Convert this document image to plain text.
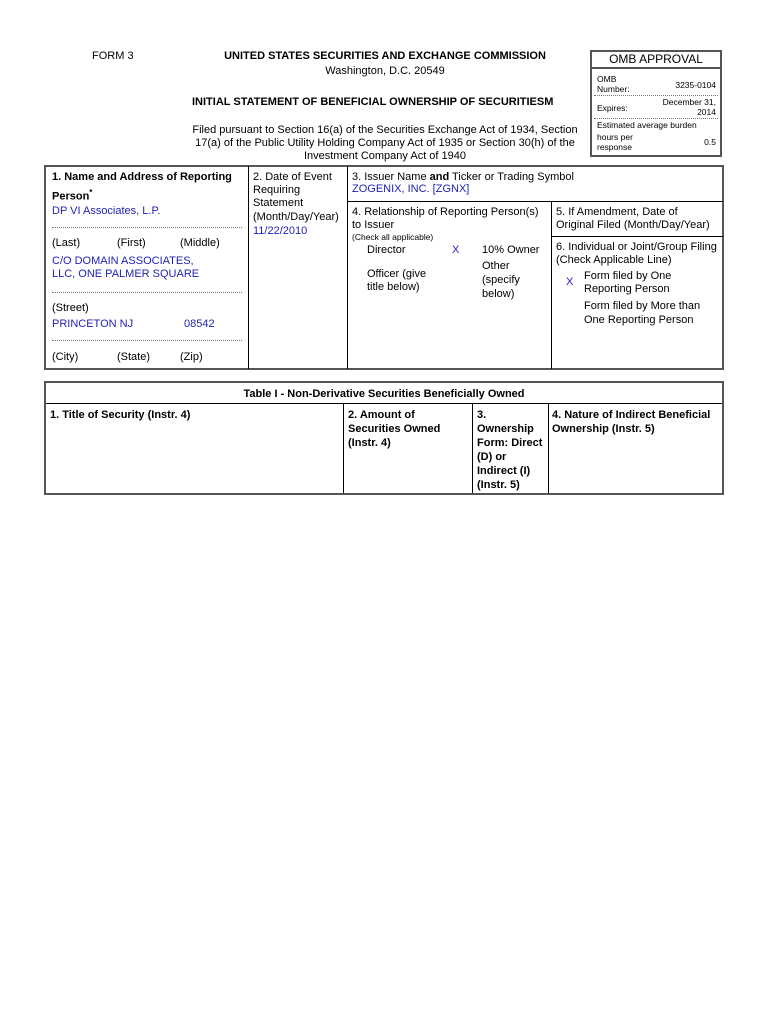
FORM 3	UNITED STATES SECURITIES AND EXCHANGE COMMISSION
Washington, D.C. 20549
INITIAL STATEMENT OF BENEFICIAL OWNERSHIP OF SECURITIESM
Filed pursuant to Section 16(a) of the Securities Exchange Act of 1934, Section
17(a) of the Public Utility Holding Company Act of 1935 or Section 30(h) of the
Investment Company Act of 1940
OMB APPROVAL
OMB
Number:	3235-0104
Expires:
December 31,
2014
Estimated average burden
hours per
response	0.5
1. Name and Address of Reporting
Person*
DP VI Associates, L.P.
(Last)	(First)	(Middle)
C/O DOMAIN ASSOCIATES,
LLC, ONE PALMER SQUARE
(Street)
PRINCETON NJ	08542
(City)	(State)	(Zip)
2. Date of Event
Requiring
Statement
(Month/Day/Year)
11/22/2010
3. Issuer Name and Ticker or Trading Symbol
ZOGENIX, INC. [ZGNX]
4. Relationship of Reporting Person(s)
to Issuer
(Check all applicable)
Director	X 10% Owner
Officer (give
title below)
Other
(specify
below)
5. If Amendment, Date of
Original Filed (Month/Day/Year)
6. Individual or Joint/Group Filing
(Check Applicable Line)
X Form filed by One
Reporting Person
Form filed by More than
One Reporting Person
Table I - Non-Derivative Securities Beneficially Owned
1. Title of Security (Instr. 4)	2. Amount of
Securities Owned
(Instr. 4)
3.
Ownership
Form: Direct
(D) or
Indirect (I)
(Instr. 5)
4. Nature of Indirect Beneficial
Ownership (Instr. 5)
